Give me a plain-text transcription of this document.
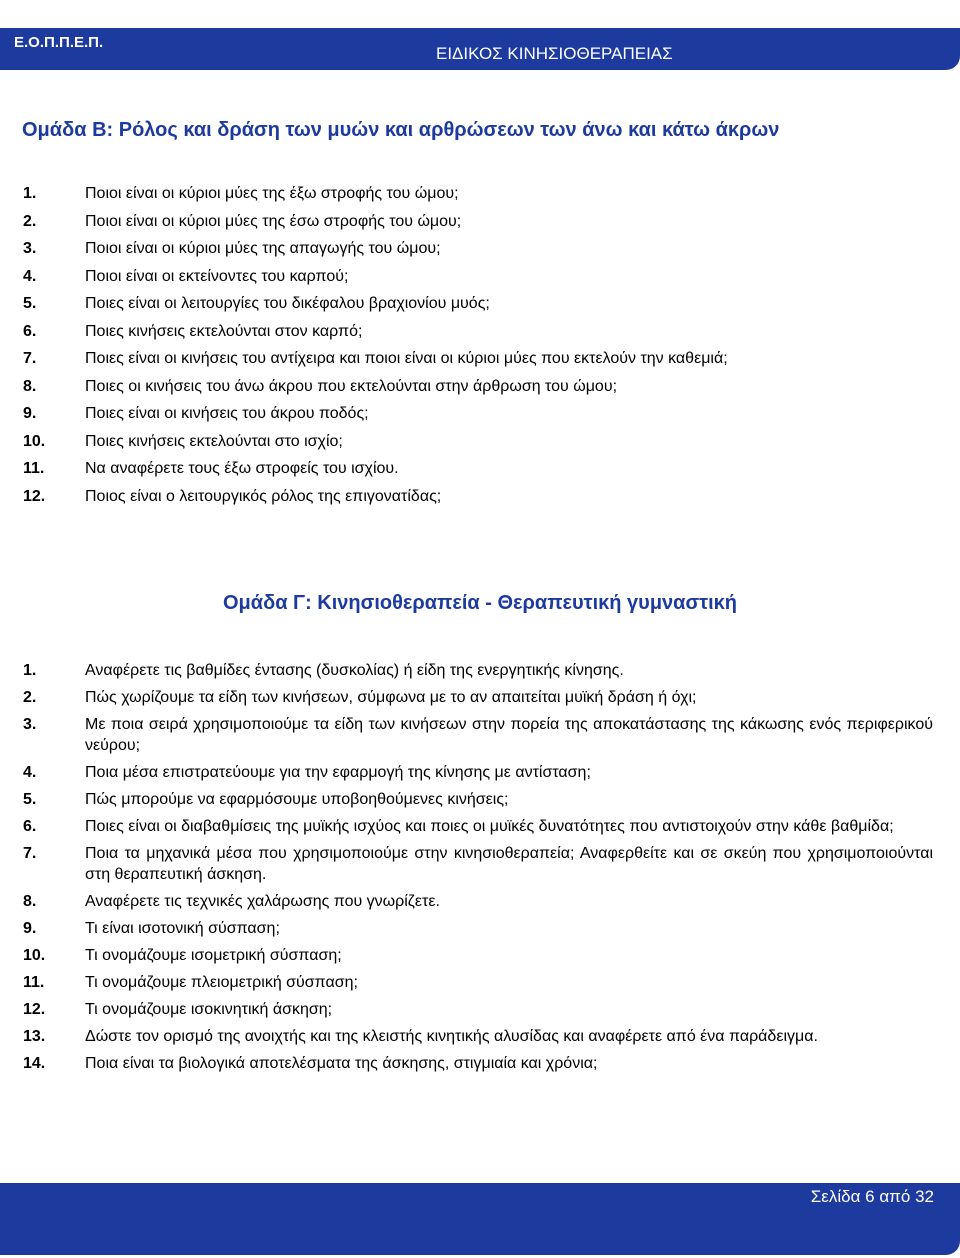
Ε.Ο.Π.Π.Ε.Π.
ΕΙΔΙΚΟΣ ΚΙΝΗΣΙΟΘΕΡΑΠΕΙΑΣ
Ομάδα Β: Ρόλος και δράση των μυών και αρθρώσεων των άνω και κάτω άκρων
1.	Ποιοι είναι οι κύριοι μύες της έξω στροφής του ώμου;
2.	Ποιοι είναι οι κύριοι μύες της έσω στροφής του ώμου;
3.	Ποιοι είναι οι κύριοι μύες της απαγωγής του ώμου;
4.	Ποιοι είναι οι εκτείνοντες του καρπού;
5.	Ποιες είναι οι λειτουργίες του δικέφαλου βραχιονίου μυός;
6.	Ποιες κινήσεις εκτελούνται στον καρπό;
7.	Ποιες είναι οι κινήσεις του αντίχειρα και ποιοι είναι οι κύριοι μύες που εκτελούν την καθεμιά;
8.	Ποιες οι κινήσεις του άνω άκρου που εκτελούνται στην άρθρωση του ώμου;
9.	Ποιες είναι οι κινήσεις του άκρου ποδός;
10.	Ποιες κινήσεις εκτελούνται στο ισχίο;
11.	Να αναφέρετε τους έξω στροφείς του ισχίου.
12.	Ποιος είναι ο λειτουργικός ρόλος της επιγονατίδας;
Ομάδα Γ: Κινησιοθεραπεία - Θεραπευτική γυμναστική
1.	Αναφέρετε τις βαθμίδες έντασης (δυσκολίας) ή είδη της ενεργητικής κίνησης.
2.	Πώς χωρίζουμε τα είδη των κινήσεων, σύμφωνα με το αν απαιτείται μυϊκή δράση ή όχι;
3.	Με ποια σειρά χρησιμοποιούμε τα είδη των κινήσεων στην πορεία της αποκατάστασης της κάκωσης ενός περιφερικού νεύρου;
4.	Ποια μέσα επιστρατεύουμε για την εφαρμογή της κίνησης με αντίσταση;
5.	Πώς μπορούμε να εφαρμόσουμε υποβοηθούμενες κινήσεις;
6.	Ποιες είναι οι διαβαθμίσεις της μυϊκής ισχύος και ποιες οι μυϊκές δυνατότητες που αντιστοιχούν στην κάθε βαθμίδα;
7.	Ποια τα μηχανικά μέσα που χρησιμοποιούμε στην κινησιοθεραπεία; Αναφερθείτε και σε σκεύη που χρησιμοποιούνται στη θεραπευτική άσκηση.
8.	Αναφέρετε τις τεχνικές χαλάρωσης που γνωρίζετε.
9.	Τι είναι ισοτονική σύσπαση;
10.	Τι ονομάζουμε ισομετρική σύσπαση;
11.	Τι ονομάζουμε πλειομετρική σύσπαση;
12.	Τι ονομάζουμε ισοκινητική άσκηση;
13.	Δώστε τον ορισμό της ανοιχτής και της κλειστής κινητικής αλυσίδας και αναφέρετε από ένα παράδειγμα.
14.	Ποια είναι τα βιολογικά αποτελέσματα της άσκησης, στιγμιαία και χρόνια;
Σελίδα 6 από 32
